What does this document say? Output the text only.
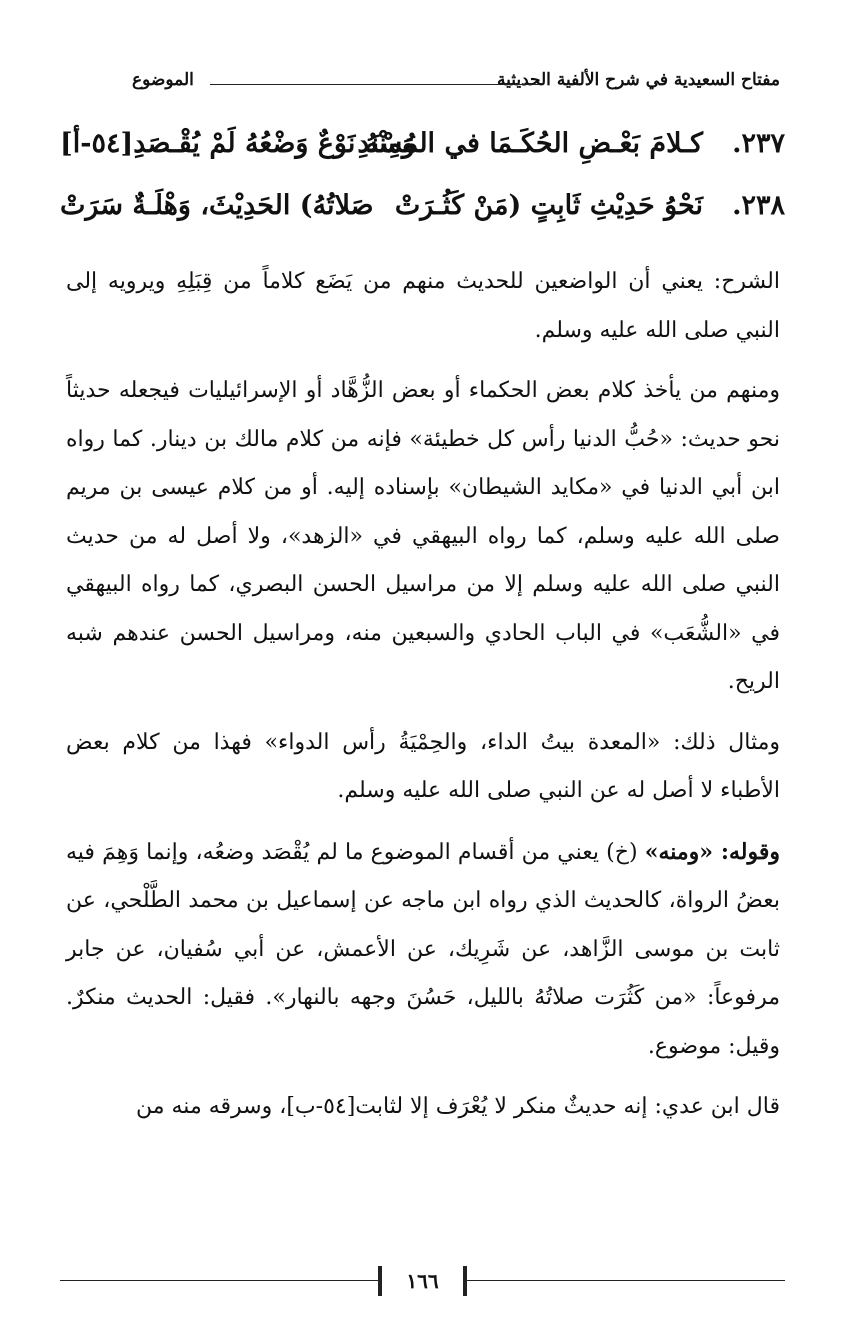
مفتاح السعيدية في شرح الألفية الحديثية
الموضوع
٢٣٧.
كـلامَ بَعْـضِ الحُكَـمَا في المُسْنَدِ
وَمِنْهُ نَوْعٌ وَضْعُهُ لَمْ يُقْـصَدِ[٥٤-أ]
٢٣٨.
نَحْوُ حَدِيْثِ ثَابِتٍ (مَنْ كَثُـرَتْ
صَلاتُهُ) الحَدِيْثَ، وَهْلَـةٌ سَرَتْ

الشرح: يعني أن الواضعين للحديث منهم من يَضَع كلاماً من قِبَلِهِ ويرويه إلى النبي صلى الله عليه وسلم.

ومنهم من يأخذ كلام بعض الحكماء أو بعض الزُّهَّاد أو الإسرائيليات فيجعله حديثاً نحو حديث: «حُبُّ الدنيا رأس كل خطيئة» فإنه من كلام مالك بن دينار. كما رواه ابن أبي الدنيا في «مكايد الشيطان» بإسناده إليه. أو من كلام عيسى بن مريم صلى الله عليه وسلم، كما رواه البيهقي في «الزهد»، ولا أصل له من حديث النبي صلى الله عليه وسلم إلا من مراسيل الحسن البصري، كما رواه البيهقي في «الشُّعَب» في الباب الحادي والسبعين منه، ومراسيل الحسن عندهم شبه الريح.

ومثال ذلك: «المعدة بيتُ الداء، والحِمْيَةُ رأس الدواء» فهذا من كلام بعض الأطباء لا أصل له عن النبي صلى الله عليه وسلم.

وقوله: «ومنه» (خ) يعني من أقسام الموضوع ما لم يُقْصَد وضعُه، وإنما وَهِمَ فيه بعضُ الرواة، كالحديث الذي رواه ابن ماجه عن إسماعيل بن محمد الطَّلْحي، عن ثابت بن موسى الزَّاهد، عن شَرِيك، عن الأعمش، عن أبي سُفيان، عن جابر مرفوعاً: «من كَثُرَت صلاتُهُ بالليل، حَسُنَ وجهه بالنهار». فقيل: الحديث منكرٌ. وقيل: موضوع.

قال ابن عدي: إنه حديثٌ منكر لا يُعْرَف إلا لثابت[٥٤-ب]، وسرقه منه من

١٦٦
